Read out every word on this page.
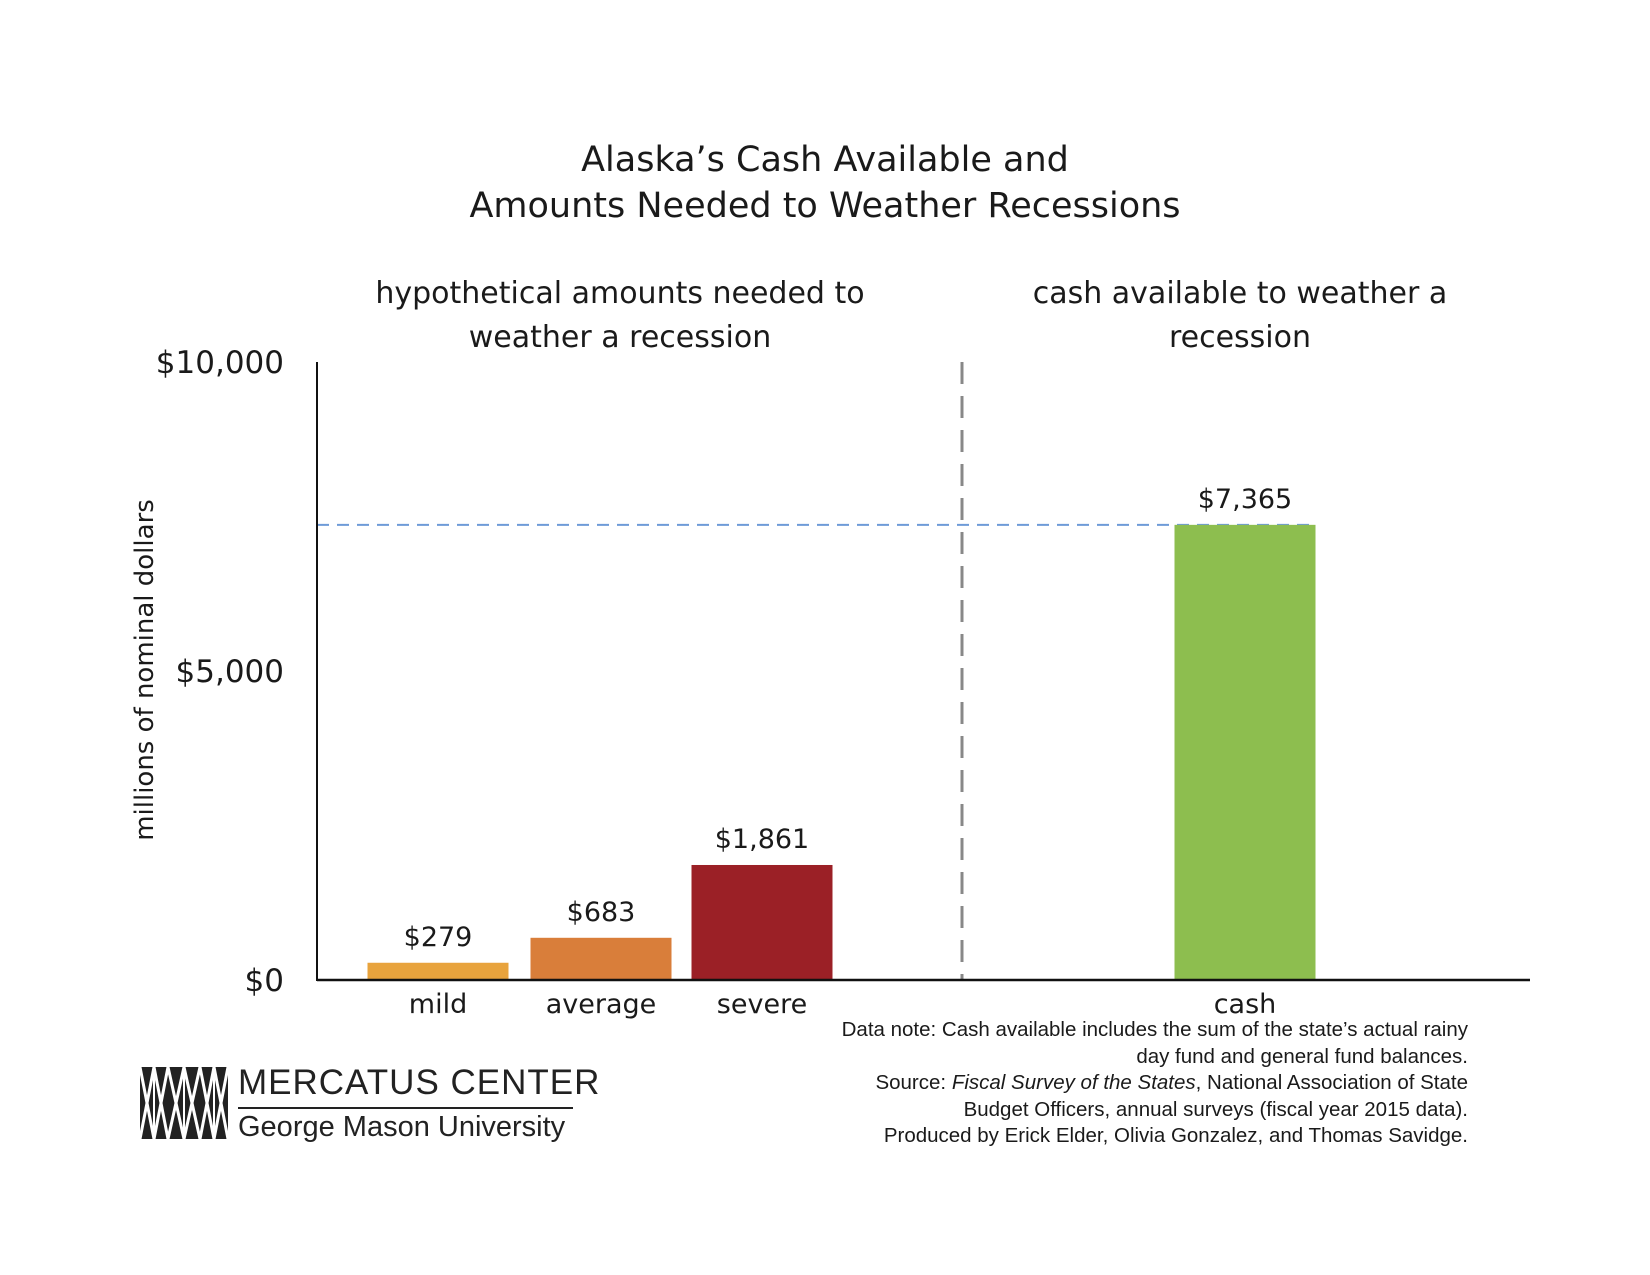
Alaska’s Cash Available and
Amounts Needed to Weather Recessions
hypothetical amounts needed to
weather a recession
cash available to weather a
recession
millions of nominal dollars
$279
mild
$683
average
$1,861
severe
$7,365
cash
$0
$5,000
$10,000
Data note: Cash available includes the sum of the state’s actual rainy
day fund and general fund balances.
Source: Fiscal Survey of the States, National Association of State
Budget Officers, annual surveys (fiscal year 2015 data).
Produced by Erick Elder, Olivia Gonzalez, and Thomas Savidge.
MERCATUS CENTER
George Mason University
